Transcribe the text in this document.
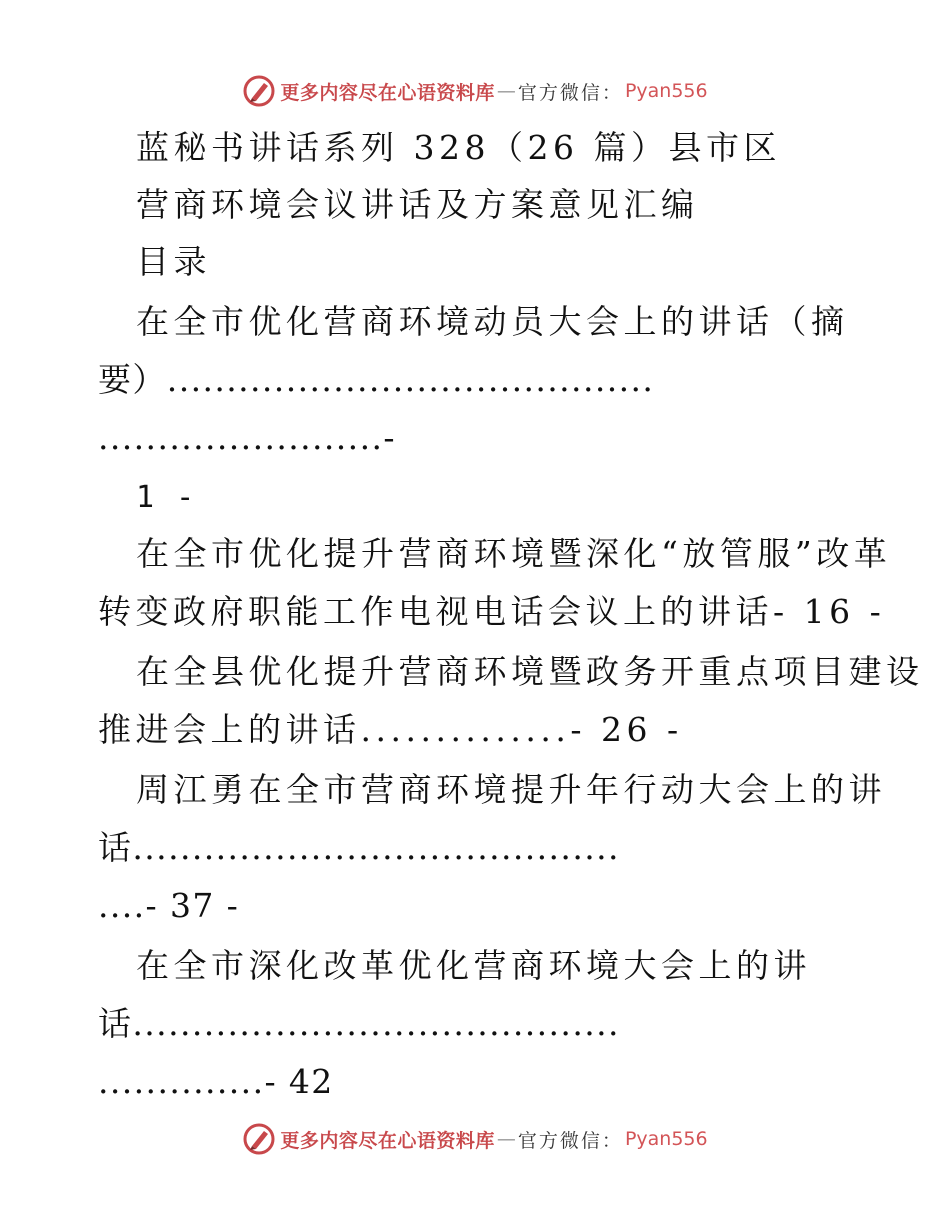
更多内容尽在心语资料库 — 官方微信： Pyan556
蓝秘书讲话系列 328（26 篇）县市区
营商环境会议讲话及方案意见汇编
目录
在全市优化营商环境动员大会上的讲话（摘
要）.........................................
........................-
1 -
在全市优化提升营商环境暨深化“放管服”改革
转变政府职能工作电视电话会议上的讲话- 16 -
在全县优化提升营商环境暨政务开重点项目建设
推进会上的讲话..............- 26 -
周江勇在全市营商环境提升年行动大会上的讲
话.........................................
....- 37 -
在全市深化改革优化营商环境大会上的讲
话.........................................
..............- 42
更多内容尽在心语资料库 — 官方微信： Pyan556
